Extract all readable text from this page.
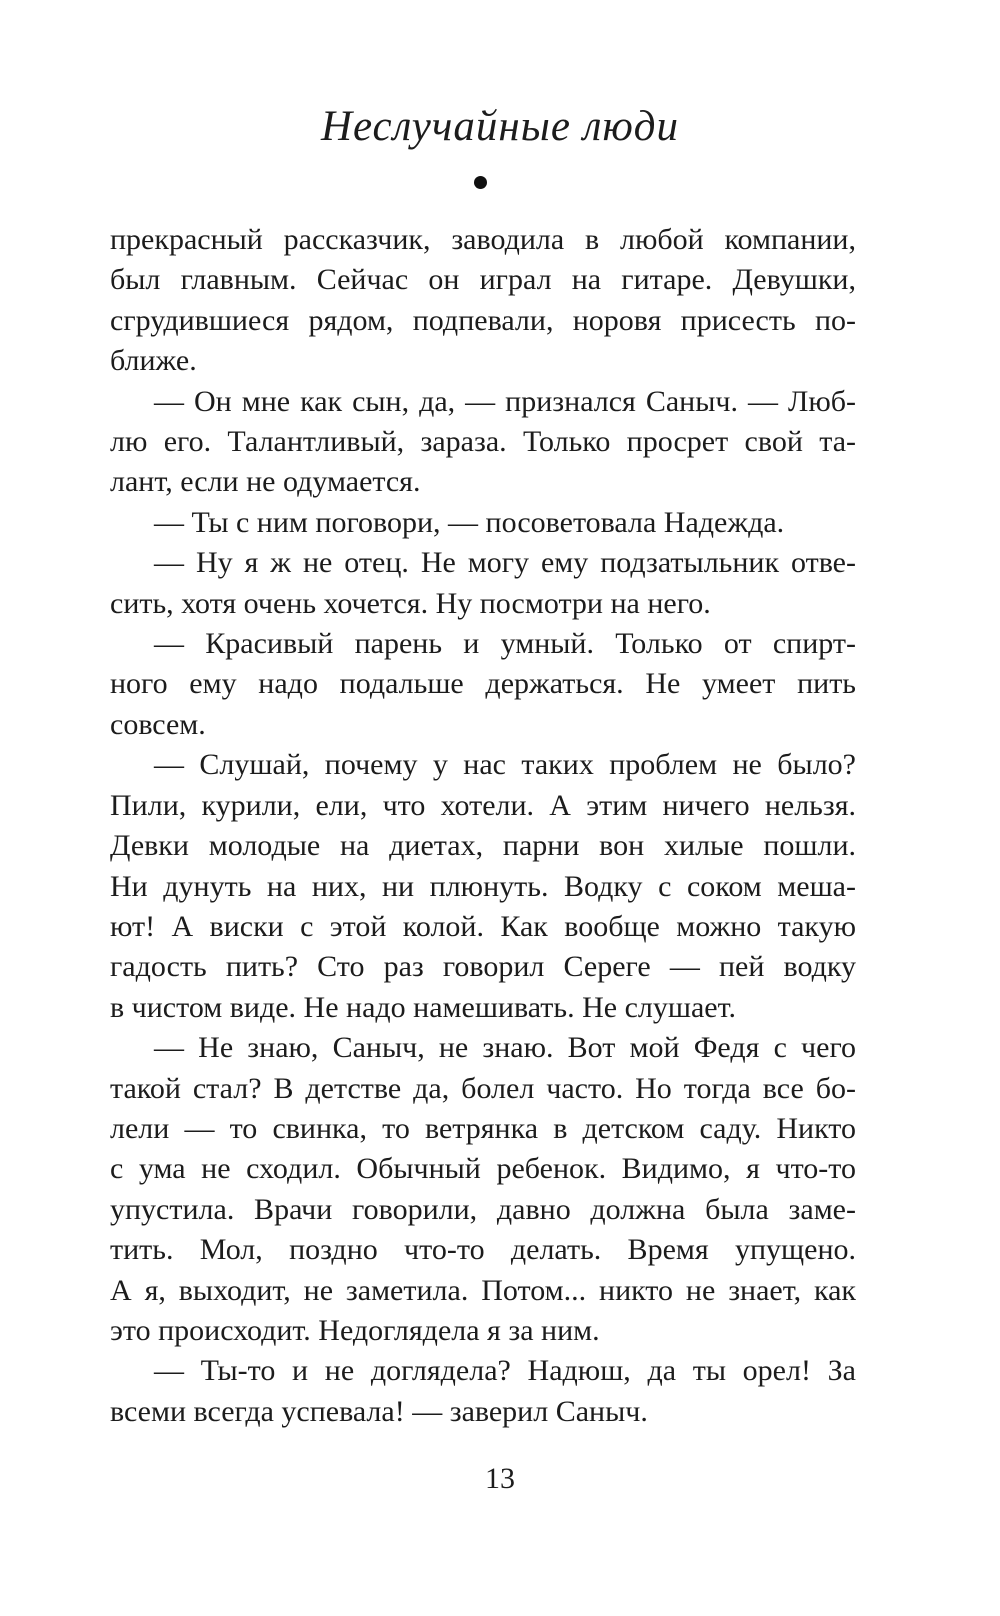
Неслучайные люди
прекрасный рассказчик, заводила в любой компании,
был главным. Сейчас он играл на гитаре. Девушки,
сгрудившиеся рядом, подпевали, норовя присесть по-
ближе.
— Он мне как сын, да, — признался Саныч. — Люб-
лю его. Талантливый, зараза. Только просрет свой та-
лант, если не одумается.
— Ты с ним поговори, — посоветовала Надежда.
— Ну я ж не отец. Не могу ему подзатыльник отве-
сить, хотя очень хочется. Ну посмотри на него.
— Красивый парень и умный. Только от спирт-
ного ему надо подальше держаться. Не умеет пить
совсем.
— Слушай, почему у нас таких проблем не было?
Пили, курили, ели, что хотели. А этим ничего нельзя.
Девки молодые на диетах, парни вон хилые пошли.
Ни дунуть на них, ни плюнуть. Водку с соком меша-
ют! А виски с этой колой. Как вообще можно такую
гадость пить? Сто раз говорил Сереге — пей водку
в чистом виде. Не надо намешивать. Не слушает.
— Не знаю, Саныч, не знаю. Вот мой Федя с чего
такой стал? В детстве да, болел часто. Но тогда все бо-
лели — то свинка, то ветрянка в детском саду. Никто
с ума не сходил. Обычный ребенок. Видимо, я что-то
упустила. Врачи говорили, давно должна была заме-
тить. Мол, поздно что-то делать. Время упущено.
А я, выходит, не заметила. Потом... никто не знает, как
это происходит. Недоглядела я за ним.
— Ты-то и не доглядела? Надюш, да ты орел! За
всеми всегда успевала! — заверил Саныч.
13
